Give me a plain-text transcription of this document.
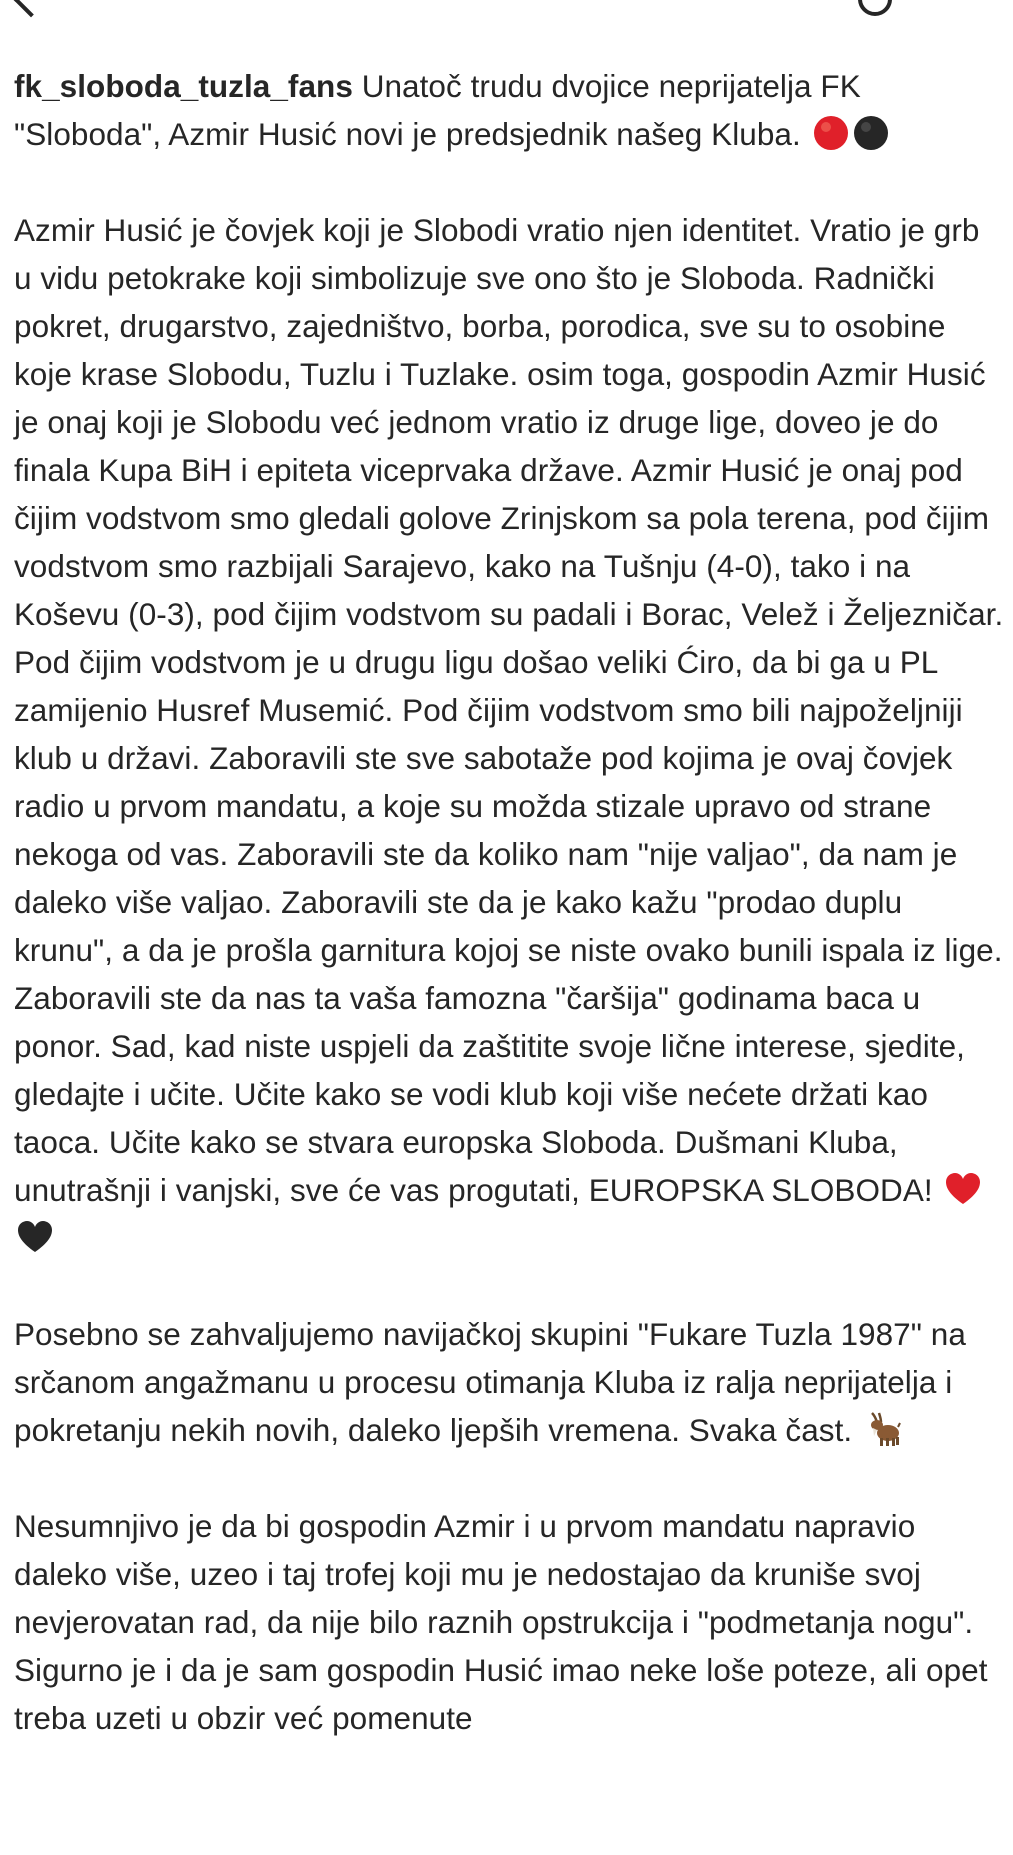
fk_sloboda_tuzla_fans Unatoč trudu dvojice neprijatelja FK "Sloboda", Azmir Husić novi je predsjednik našeg Kluba.

Azmir Husić je čovjek koji je Slobodi vratio njen identitet. Vratio je grb u vidu petokrake koji simbolizuje sve ono što je Sloboda. Radnički pokret, drugarstvo, zajedništvo, borba, porodica, sve su to osobine koje krase Slobodu, Tuzlu i Tuzlake. osim toga, gospodin Azmir Husić je onaj koji je Slobodu već jednom vratio iz druge lige, doveo je do finala Kupa BiH i epiteta viceprvaka države. Azmir Husić je onaj pod čijim vodstvom smo gledali golove Zrinjskom sa pola terena, pod čijim vodstvom smo razbijali Sarajevo, kako na Tušnju (4-0), tako i na Koševu (0-3), pod čijim vodstvom su padali i Borac, Velež i Željezničar. Pod čijim vodstvom je u drugu ligu došao veliki Ćiro, da bi ga u PL zamijenio Husref Musemić. Pod čijim vodstvom smo bili najpoželjniji klub u državi. Zaboravili ste sve sabotaže pod kojima je ovaj čovjek radio u prvom mandatu, a koje su možda stizale upravo od strane nekoga od vas. Zaboravili ste da koliko nam "nije valjao", da nam je daleko više valjao. Zaboravili ste da je kako kažu "prodao duplu krunu", a da je prošla garnitura kojoj se niste ovako bunili ispala iz lige. Zaboravili ste da nas ta vaša famozna "čaršija" godinama baca u ponor. Sad, kad niste uspjeli da zaštitite svoje lične interese, sjedite, gledajte i učite. Učite kako se vodi klub koji više nećete držati kao taoca. Učite kako se stvara europska Sloboda. Dušmani Kluba, unutrašnji i vanjski, sve će vas progutati, EUROPSKA SLOBODA!

Posebno se zahvaljujemo navijačkoj skupini "Fukare Tuzla 1987" na srčanom angažmanu u procesu otimanja Kluba iz ralja neprijatelja i pokretanju nekih novih, daleko ljepših vremena. Svaka čast.

Nesumnjivo je da bi gospodin Azmir i u prvom mandatu napravio daleko više, uzeo i taj trofej koji mu je nedostajao da kruniše svoj nevjerovatan rad, da nije bilo raznih opstrukcija i "podmetanja nogu". Sigurno je i da je sam gospodin Husić imao neke loše poteze, ali opet treba uzeti u obzir već pomenute
